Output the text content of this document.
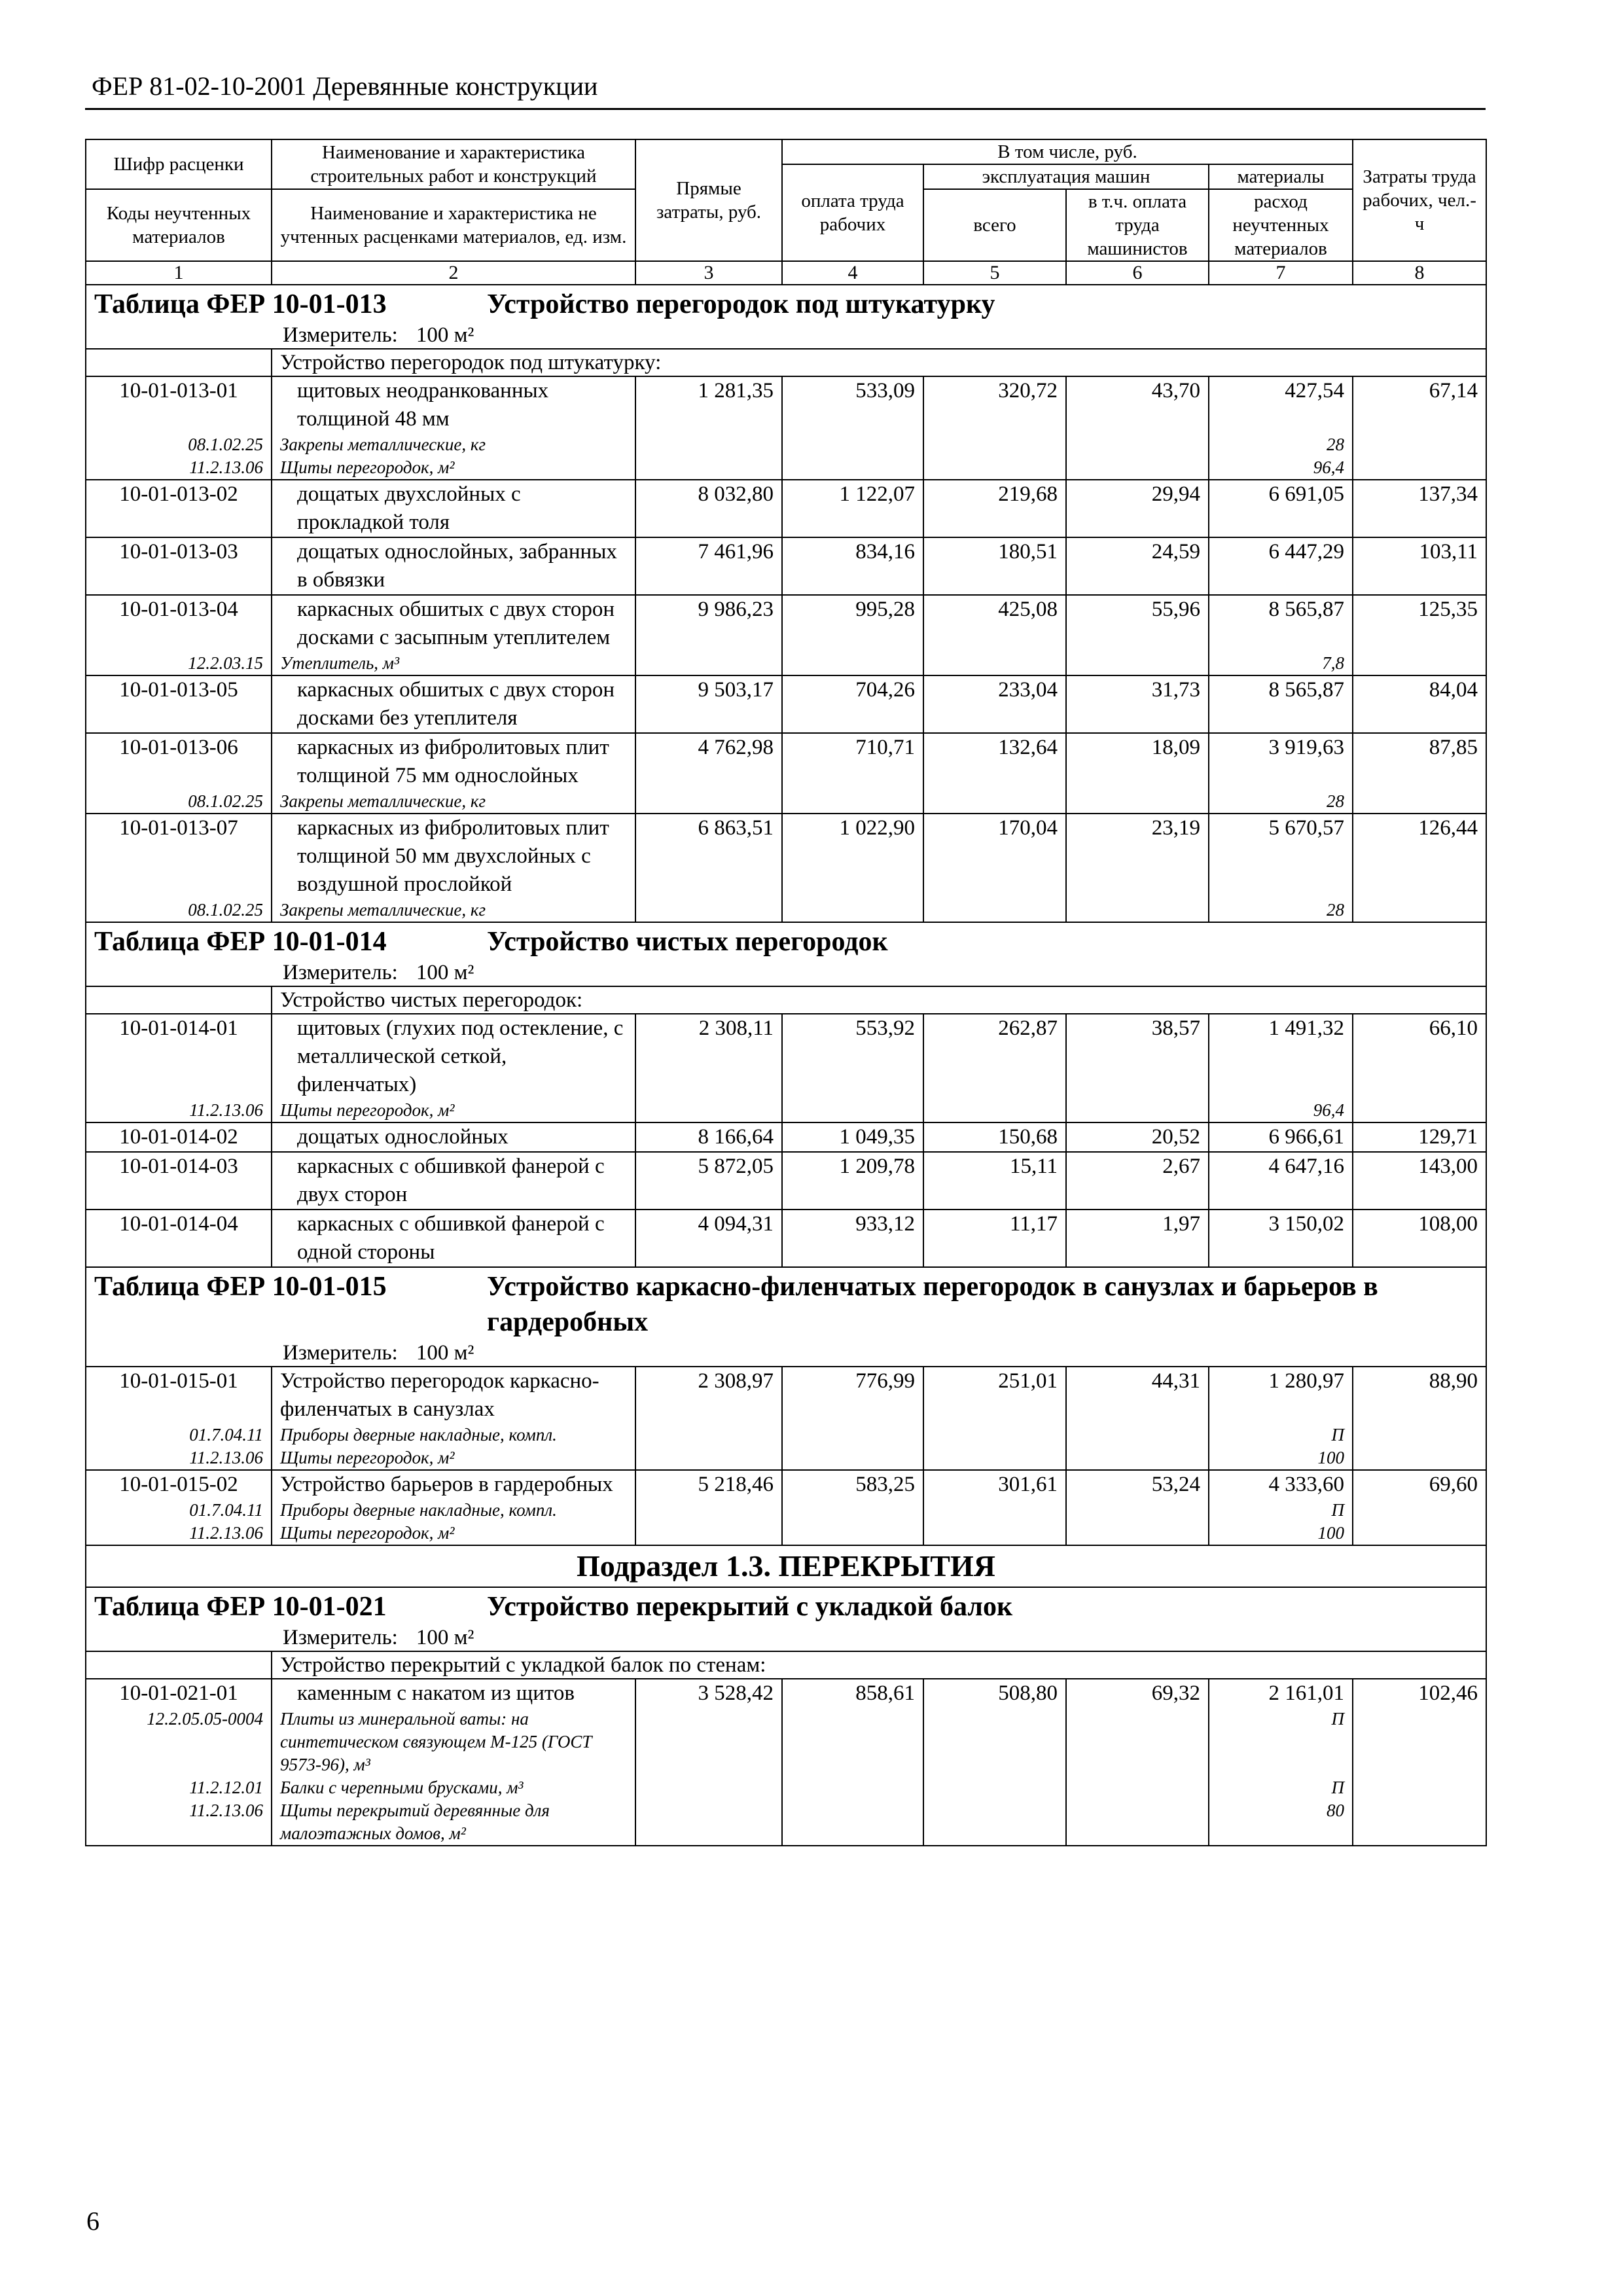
ФЕР 81-02-10-2001 Деревянные конструкции
Шифр расценки	Наименование и характеристика строительных работ и конструкций	Прямые затраты, руб.	В том числе, руб.				Затраты труда рабочих, чел.-ч
			оплата труда рабочих	эксплуатация машин		материалы	
Коды неучтенных материалов	Наименование и характеристика не учтенных расценками материалов, ед. изм.			всего	в т.ч. оплата труда машинистов	расход неучтенных материалов	

1	2	3	4	5	6	7	8
Таблица ФЕР 10-01-013 Устройство перегородок под штукатурку							
Измеритель: 100 м²							
	Устройство перегородок под штукатурку:						
10-01-013-01	щитовых неодранкованных толщиной 48 мм	1 281,35	533,09	320,72	43,70	427,54	67,14
08.1.02.25	Закрепы металлические, кг					28	
11.2.13.06	Щиты перегородок, м²					96,4	
10-01-013-02	дощатых двухслойных с прокладкой толя	8 032,80	1 122,07	219,68	29,94	6 691,05	137,34
10-01-013-03	дощатых однослойных, забранных в обвязки	7 461,96	834,16	180,51	24,59	6 447,29	103,11
10-01-013-04	каркасных обшитых с двух сторон досками с засыпным утеплителем	9 986,23	995,28	425,08	55,96	8 565,87	125,35
12.2.03.15	Утеплитель, м³					7,8	
10-01-013-05	каркасных обшитых с двух сторон досками без утеплителя	9 503,17	704,26	233,04	31,73	8 565,87	84,04
10-01-013-06	каркасных из фибролитовых плит толщиной 75 мм однослойных	4 762,98	710,71	132,64	18,09	3 919,63	87,85
08.1.02.25	Закрепы металлические, кг					28	
10-01-013-07	каркасных из фибролитовых плит толщиной 50 мм двухслойных с воздушной прослойкой	6 863,51	1 022,90	170,04	23,19	5 670,57	126,44
08.1.02.25	Закрепы металлические, кг					28	
Таблица ФЕР 10-01-014 Устройство чистых перегородок							
Измеритель: 100 м²							
	Устройство чистых перегородок:						
10-01-014-01	щитовых (глухих под остекление, с металлической сеткой, филенчатых)	2 308,11	553,92	262,87	38,57	1 491,32	66,10
11.2.13.06	Щиты перегородок, м²					96,4	
10-01-014-02	дощатых однослойных	8 166,64	1 049,35	150,68	20,52	6 966,61	129,71
10-01-014-03	каркасных с обшивкой фанерой с двух сторон	5 872,05	1 209,78	15,11	2,67	4 647,16	143,00
10-01-014-04	каркасных с обшивкой фанерой с одной стороны	4 094,31	933,12	11,17	1,97	3 150,02	108,00
Таблица ФЕР 10-01-015 Устройство каркасно-филенчатых перегородок в санузлах и барьеров в гардеробных							
Измеритель: 100 м²							
10-01-015-01	Устройство перегородок каркасно-филенчатых в санузлах	2 308,97	776,99	251,01	44,31	1 280,97	88,90
01.7.04.11	Приборы дверные накладные, компл.					П	
11.2.13.06	Щиты перегородок, м²					100	
10-01-015-02	Устройство барьеров в гардеробных	5 218,46	583,25	301,61	53,24	4 333,60	69,60
01.7.04.11	Приборы дверные накладные, компл.					П	
11.2.13.06	Щиты перегородок, м²					100	
Подраздел 1.3. ПЕРЕКРЫТИЯ							
Таблица ФЕР 10-01-021 Устройство перекрытий с укладкой балок							
Измеритель: 100 м²							
	Устройство перекрытий с укладкой балок по стенам:						
10-01-021-01	каменным с накатом из щитов	3 528,42	858,61	508,80	69,32	2 161,01	102,46
12.2.05.05-0004	Плиты из минеральной ваты: на синтетическом связующем М-125 (ГОСТ 9573-96), м³					П	
11.2.12.01	Балки с черепными брусками, м³					П	
11.2.13.06	Щиты перекрытий деревянные для малоэтажных домов, м²					80	
6
